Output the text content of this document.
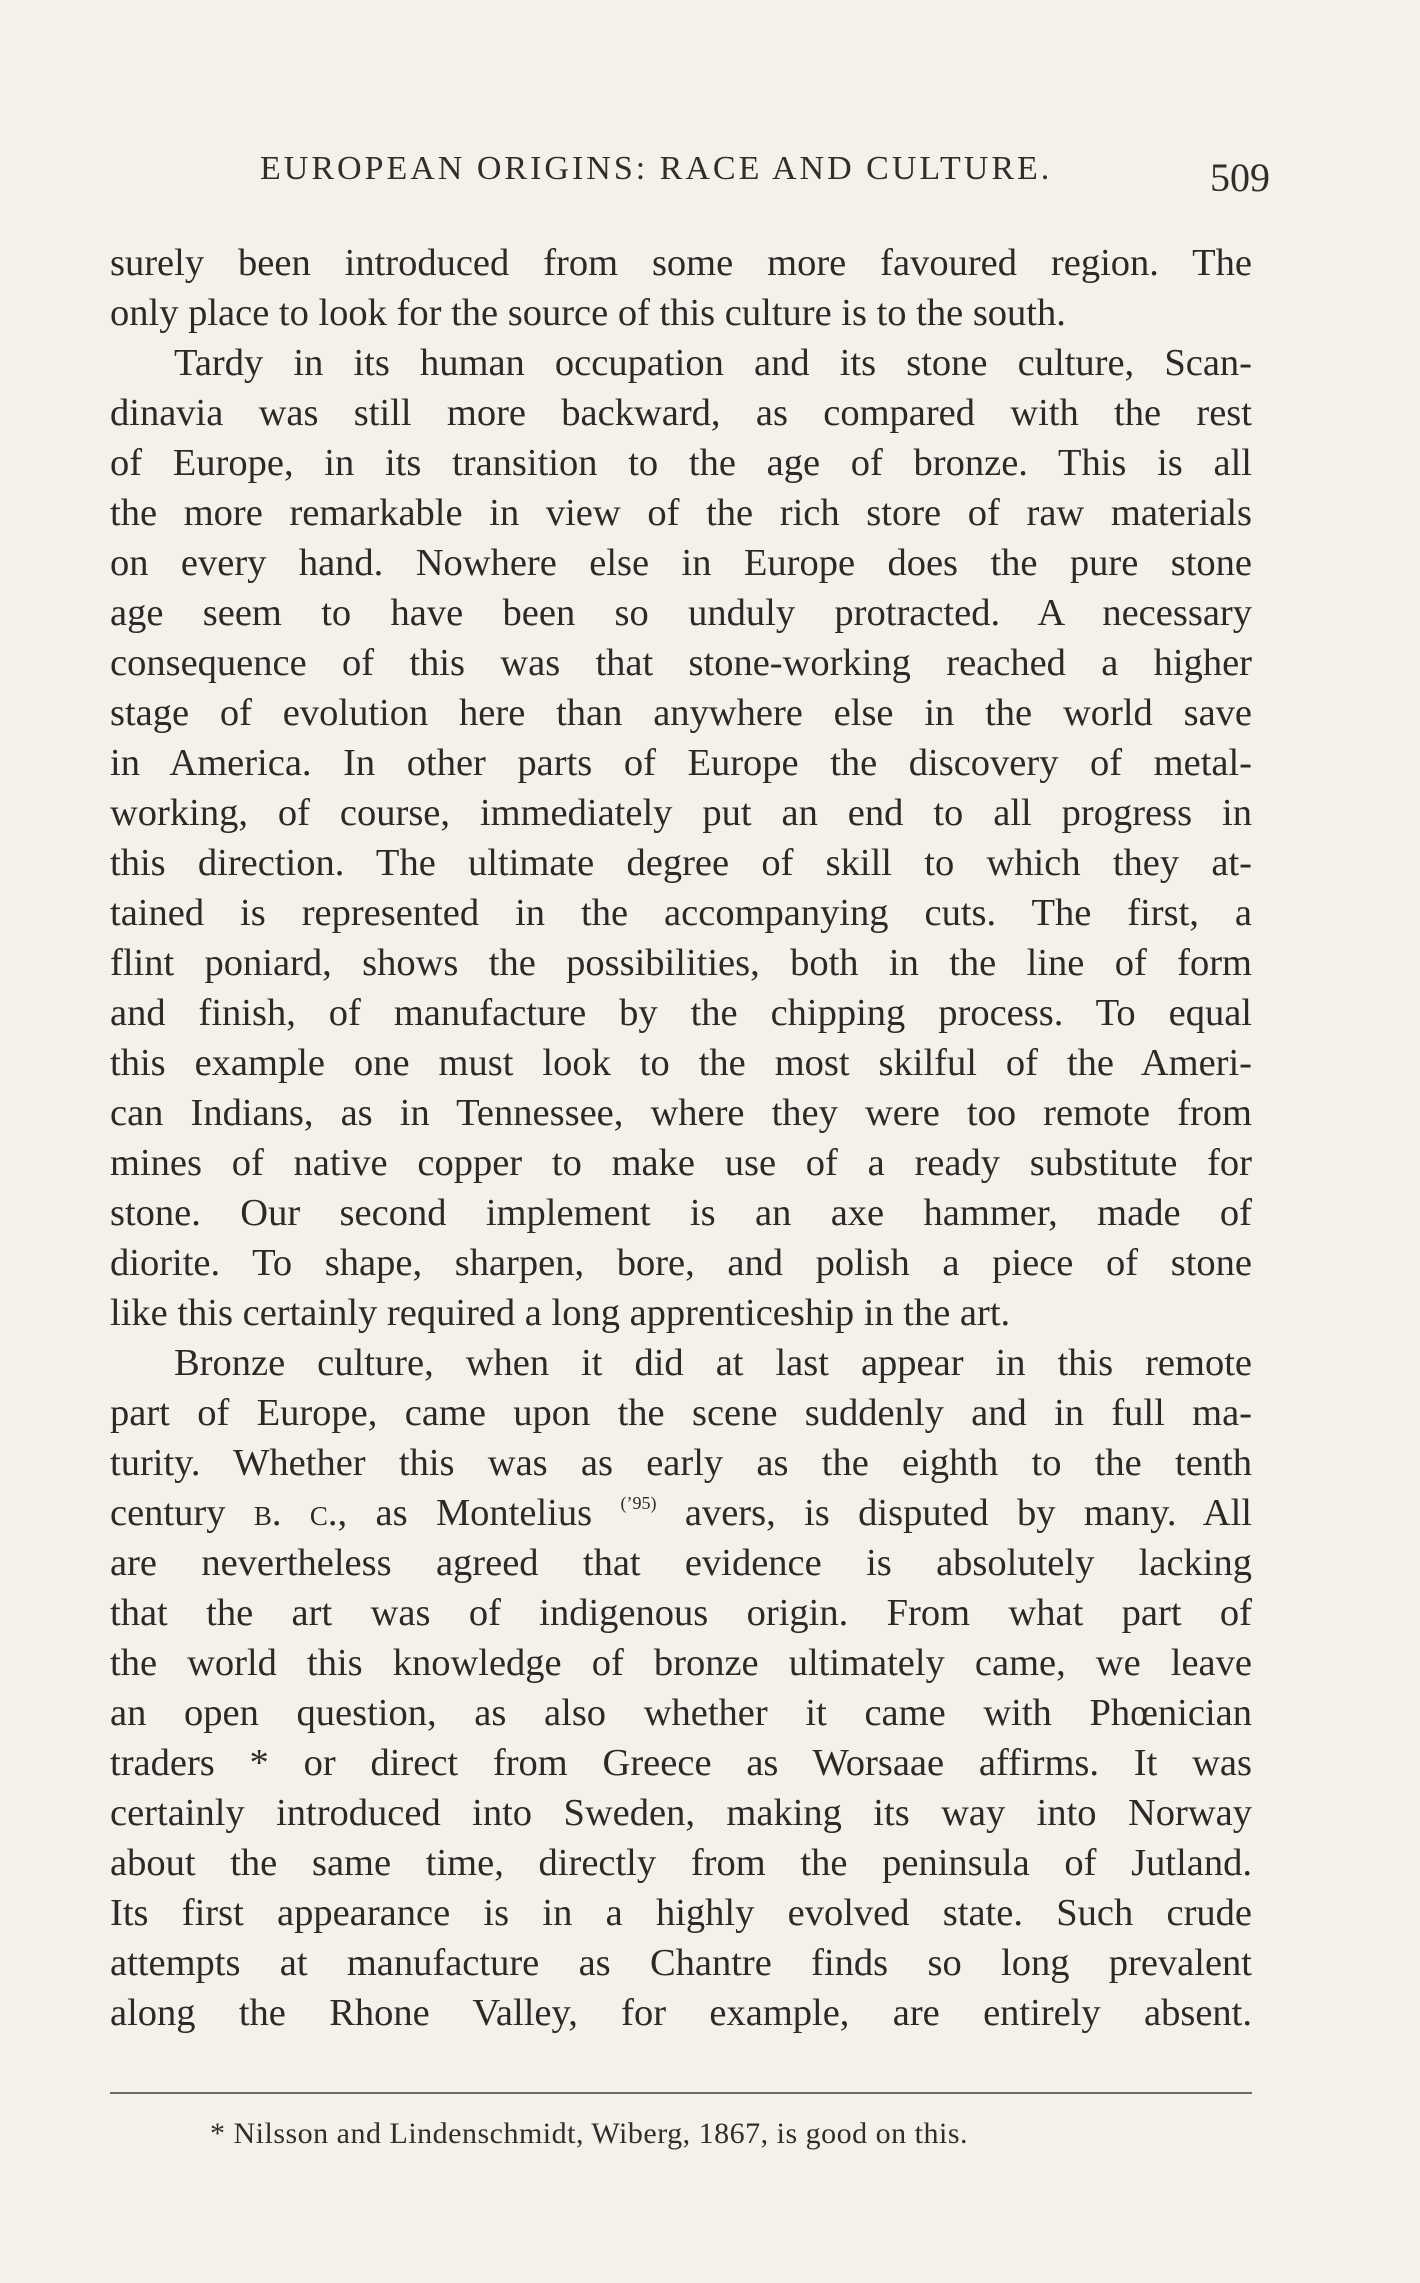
EUROPEAN ORIGINS: RACE AND CULTURE.	509
surely been introduced from some more favoured region. The
only place to look for the source of this culture is to the south.
Tardy in its human occupation and its stone culture, Scan-
dinavia was still more backward, as compared with the rest
of Europe, in its transition to the age of bronze. This is all
the more remarkable in view of the rich store of raw materials
on every hand. Nowhere else in Europe does the pure stone
age seem to have been so unduly protracted. A necessary
consequence of this was that stone-working reached a higher
stage of evolution here than anywhere else in the world save
in America. In other parts of Europe the discovery of metal-
working, of course, immediately put an end to all progress in
this direction. The ultimate degree of skill to which they at-
tained is represented in the accompanying cuts. The first, a
flint poniard, shows the possibilities, both in the line of form
and finish, of manufacture by the chipping process. To equal
this example one must look to the most skilful of the Ameri-
can Indians, as in Tennessee, where they were too remote from
mines of native copper to make use of a ready substitute for
stone. Our second implement is an axe hammer, made of
diorite. To shape, sharpen, bore, and polish a piece of stone
like this certainly required a long apprenticeship in the art.
Bronze culture, when it did at last appear in this remote
part of Europe, came upon the scene suddenly and in full ma-
turity. Whether this was as early as the eighth to the tenth
century b. c., as Montelius $^{(’95)}$ avers, is disputed by many. All
are nevertheless agreed that evidence is absolutely lacking
that the art was of indigenous origin. From what part of
the world this knowledge of bronze ultimately came, we leave
an open question, as also whether it came with Phœnician
traders * or direct from Greece as Worsaae affirms. It was
certainly introduced into Sweden, making its way into Norway
about the same time, directly from the peninsula of Jutland.
Its first appearance is in a highly evolved state. Such crude
attempts at manufacture as Chantre finds so long prevalent
along the Rhone Valley, for example, are entirely absent.
* Nilsson and Lindenschmidt, Wiberg, 1867, is good on this.
